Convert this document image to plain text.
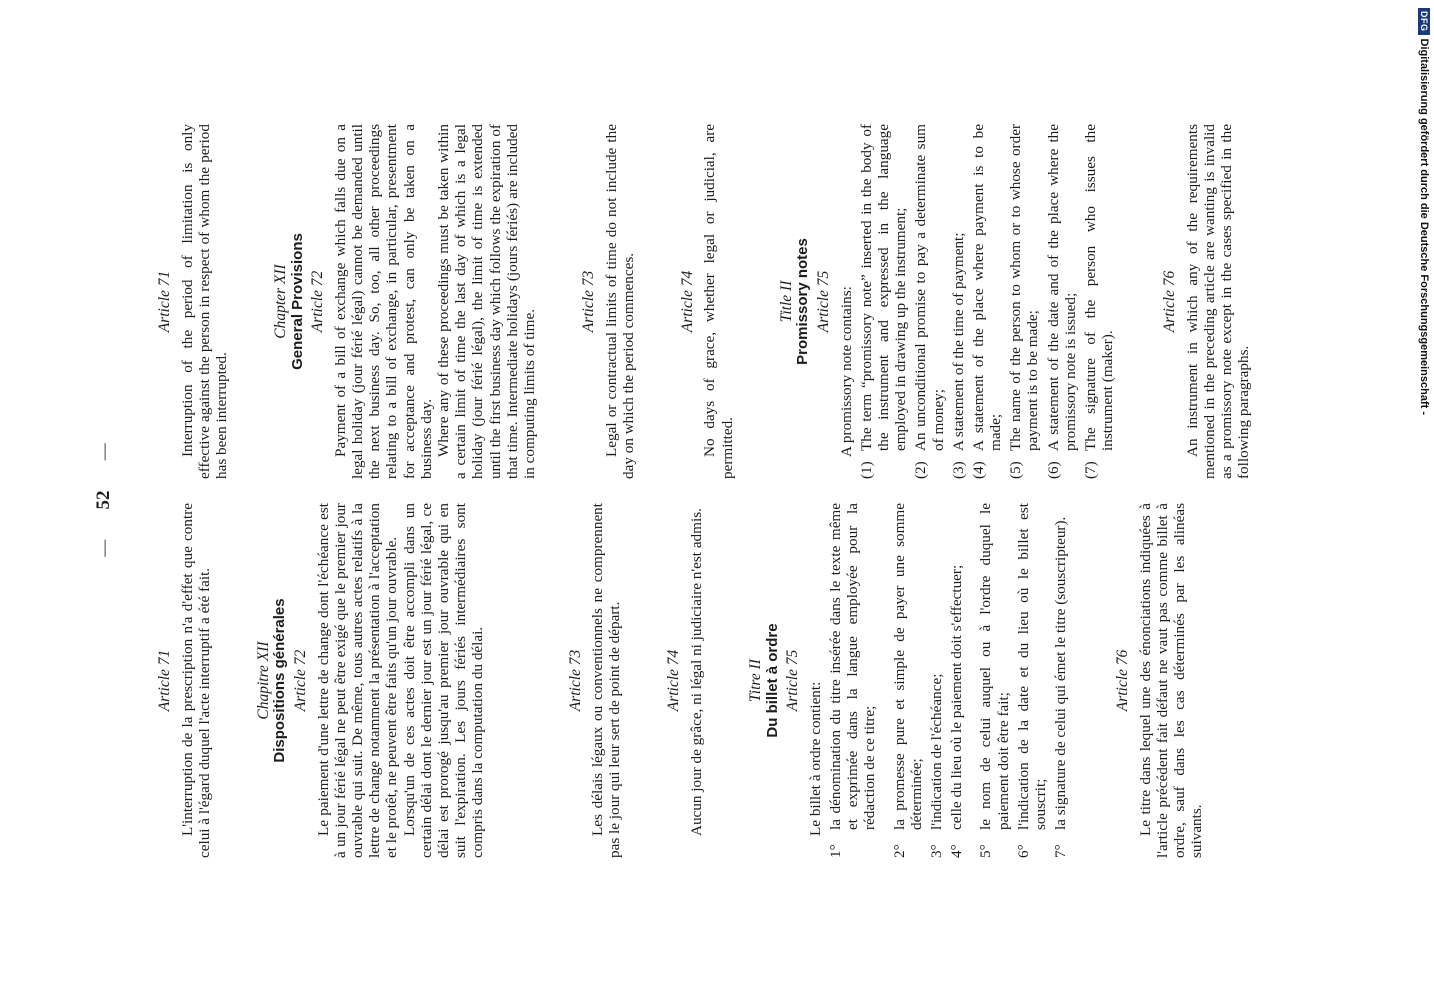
— 52 —
Article 71 L'interruption de la prescription n'a d'effet que contre celui à l'égard duquel l'acte interruptif a été fait.	Chapitre XII Dispositions générales Article 72 Le paiement d'une lettre de change dont l'échéance est à un jour férié légal ne peut être exigé que le premier jour ouvrable qui suit. De même, tous autres actes relatifs à la lettre de change notamment la présentation à l'acceptation et le protêt, ne peuvent être faits qu'un jour ouvrable. Lorsqu'un de ces actes doit être accompli dans un certain délai dont le dernier jour est un jour férié légal, ce délai est prorogé jusqu'au premier jour ouvrable qui en suit l'expiration. Les jours fériés intermédiaires sont compris dans la computation du délai.	Article 73 Les délais légaux ou conventionnels ne comprennent pas le jour qui leur sert de point de départ.	Article 74 Aucun jour de grâce, ni légal ni judiciaire n'est admis.	Titre II Du billet à ordre Article 75

Le billet à ordre contient:

1°
la dénomination du titre insérée dans le texte même et exprimée dans la langue employée pour la rédaction de ce titre;
2°
la promesse pure et simple de payer une somme déterminée;
3°
l'indication de l'échéance;
4°
celle du lieu où le paiement doit s'effectuer;
5°
le nom de celui auquel ou à l'ordre duquel le paiement doit être fait;
6°
l'indication de la date et du lieu où le billet est souscrit;
7°
la signature de celui qui émet le titre (souscripteur).	Article 76 Le titre dans lequel une des énonciations indiquées à l'article précédent fait défaut ne vaut pas comme billet à ordre, sauf dans les cas déterminés par les alinéas suivants.

Article 71 Interruption of the period of limitation is only effective against the person in respect of whom the period has been interrupted.

Chapter XII General Provisions Article 72 Payment of a bill of exchange which falls due on a legal holiday (jour férié légal) cannot be demanded until the next business day. So, too, all other proceedings relating to a bill of exchange, in particular, presentment for acceptance and protest, can only be taken on a business day. Where any of these proceedings must be taken within a certain limit of time the last day of which is a legal holiday (jour férié légal), the limit of time is extended until the first business day which follows the expiration of that time. Intermediate holidays (jours fériés) are included in computing limits of time.

Article 73 Legal or contractual limits of time do not include the day on which the period commences.	Article 74 No days of grace, whether legal or judicial, are permitted.

Title II Promissory notes Article 75 A promissory note contains:

(1)
The term “promissory note” inserted in the body of the instrument and expressed in the language employed in drawing up the instrument;
(2)
An unconditional promise to pay a determinate sum of money;
(3)
A statement of the time of payment;
(4)
A statement of the place where payment is to be made;
(5)
The name of the person to whom or to whose order payment is to be made;
(6)
A statement of the date and of the place where the promissory note is issued;
(7)
The signature of the person who issues the instrument (maker).
Article 76 An instrument in which any of the requirements mentioned in the preceding article are wanting is invalid as a promissory note except in the cases specified in the following paragraphs.

DFG
Digitalisierung gefördert durch die Deutsche Forschungsgemeinschaft -
